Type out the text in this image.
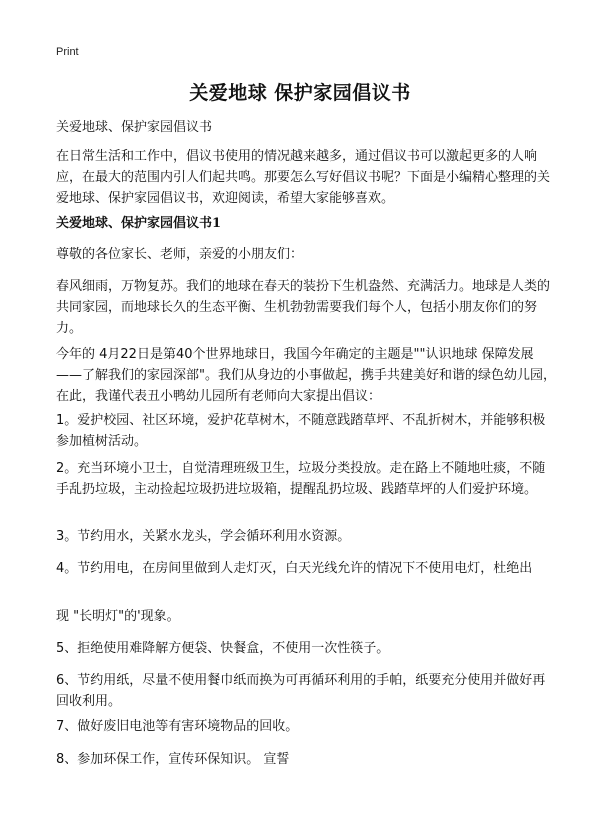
Print
关爱地球 保护家园倡议书

关爱地球、保护家园倡议书

在日常生活和工作中，倡议书使用的情况越来越多，通过倡议书可以激起更多的人响应，在最大的范围内引人们起共鸣。那要怎么写好倡议书呢？下面是小编精心整理的关爱地球、保护家园倡议书，欢迎阅读，希望大家能够喜欢。

关爱地球、保护家园倡议书1

尊敬的各位家长、老师，亲爱的小朋友们：

春风细雨，万物复苏。我们的地球在春天的装扮下生机盎然、充满活力。地球是人类的共同家园，而地球长久的生态平衡、生机勃勃需要我们每个人，包括小朋友你们的努力。

今年的 4月22日是第40个世界地球日，我国今年确定的主题是""认识地球 保障发展——了解我们的家园深部"。我们从身边的小事做起，携手共建美好和谐的绿色幼儿园，在此，我谨代表丑小鸭幼儿园所有老师向大家提出倡议：

1。爱护校园、社区环境，爱护花草树木，不随意践踏草坪、不乱折树木，并能够积极参加植树活动。

2。充当环境小卫士，自觉清理班级卫生，垃圾分类投放。走在路上不随地吐痰，不随手乱扔垃圾，主动捡起垃圾扔进垃圾箱，提醒乱扔垃圾、践踏草坪的人们爱护环境。

3。节约用水，关紧水龙头，学会循环利用水资源。

4。节约用电，在房间里做到人走灯灭，白天光线允许的情况下不使用电灯，杜绝出

现 "长明灯"的'现象。

5、拒绝使用难降解方便袋、快餐盒，不使用一次性筷子。

6、节约用纸，尽量不使用餐巾纸而换为可再循环利用的手帕，纸要充分使用并做好再回收利用。

7、做好废旧电池等有害环境物品的回收。

8、参加环保工作，宣传环保知识。 宣誓
